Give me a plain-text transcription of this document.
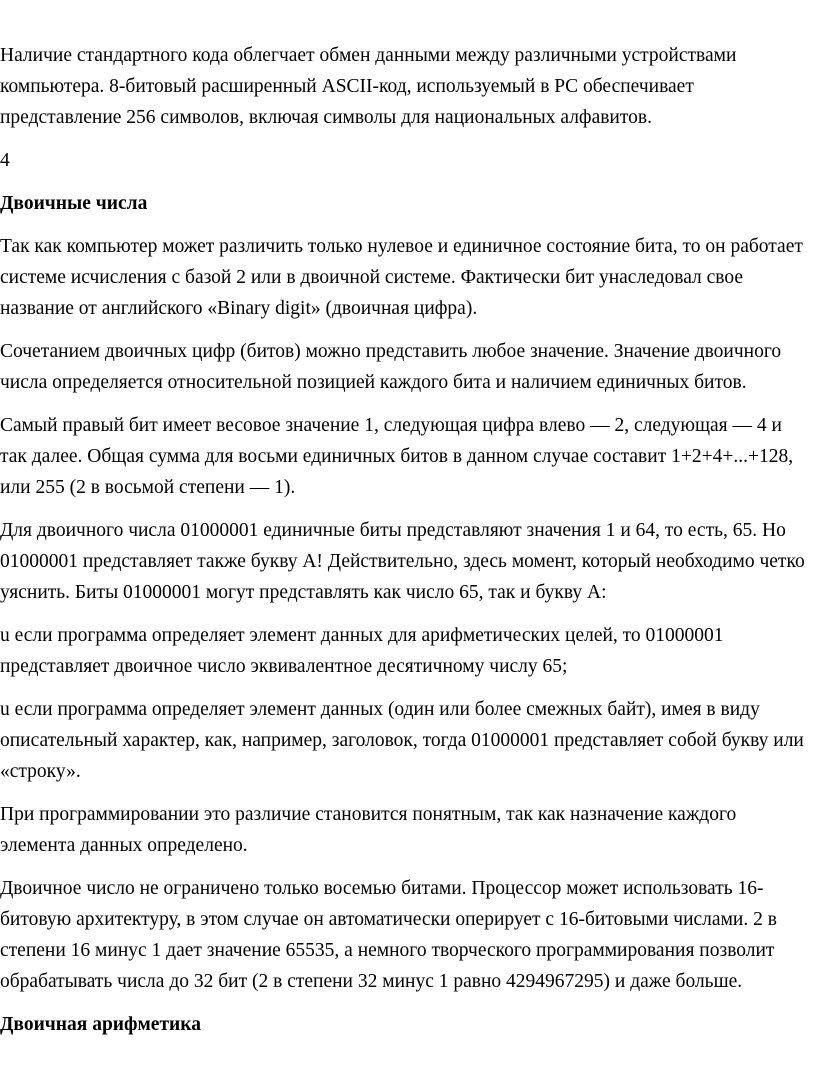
Наличие стандартного кода облегчает обмен данными между различными устройствами компьютера. 8-битовый расширенный ASCII-код, используемый в PC обеспечивает представление 256 символов, включая символы для национальных алфавитов.

4

Двоичные числа

Так как компьютер может различить только нулевое и единичное состояние бита, то он работает системе исчисления с базой 2 или в двоичной системе. Фактически бит унаследовал свое название от английского «Binary digit» (двоичная цифра).

Сочетанием двоичных цифр (битов) можно представить любое значение. Значение двоичного числа определяется относительной позицией каждого бита и наличием единичных битов.

Самый правый бит имеет весовое значение 1, следующая цифра влево — 2, следующая — 4 и так далее. Общая сумма для восьми единичных битов в данном случае составит 1+2+4+...+128, или 255 (2 в восьмой степени — 1).

Для двоичного числа 01000001 единичные биты представляют значения 1 и 64, то есть, 65. Но 01000001 представляет также букву А! Действительно, здесь момент, который необходимо четко уяснить. Биты 01000001 могут представлять как число 65, так и букву А:

u если программа определяет элемент данных для арифметических целей, то 01000001 представляет двоичное число эквивалентное десятичному числу 65;

u если программа определяет элемент данных (один или более смежных байт), имея в виду описательный характер, как, например, заголовок, тогда 01000001 представляет собой букву или «строку».

При программировании это различие становится понятным, так как назначение каждого элемента данных определено.

Двоичное число не ограничено только восемью битами. Процессор может использовать 16-битовую архитектуру, в этом случае он автоматически оперирует с 16-битовыми числами. 2 в степени 16 минус 1 дает значение 65535, а немного творческого программирования позволит обрабатывать числа до 32 бит (2 в степени 32 минус 1 равно 4294967295) и даже больше.

Двоичная арифметика
